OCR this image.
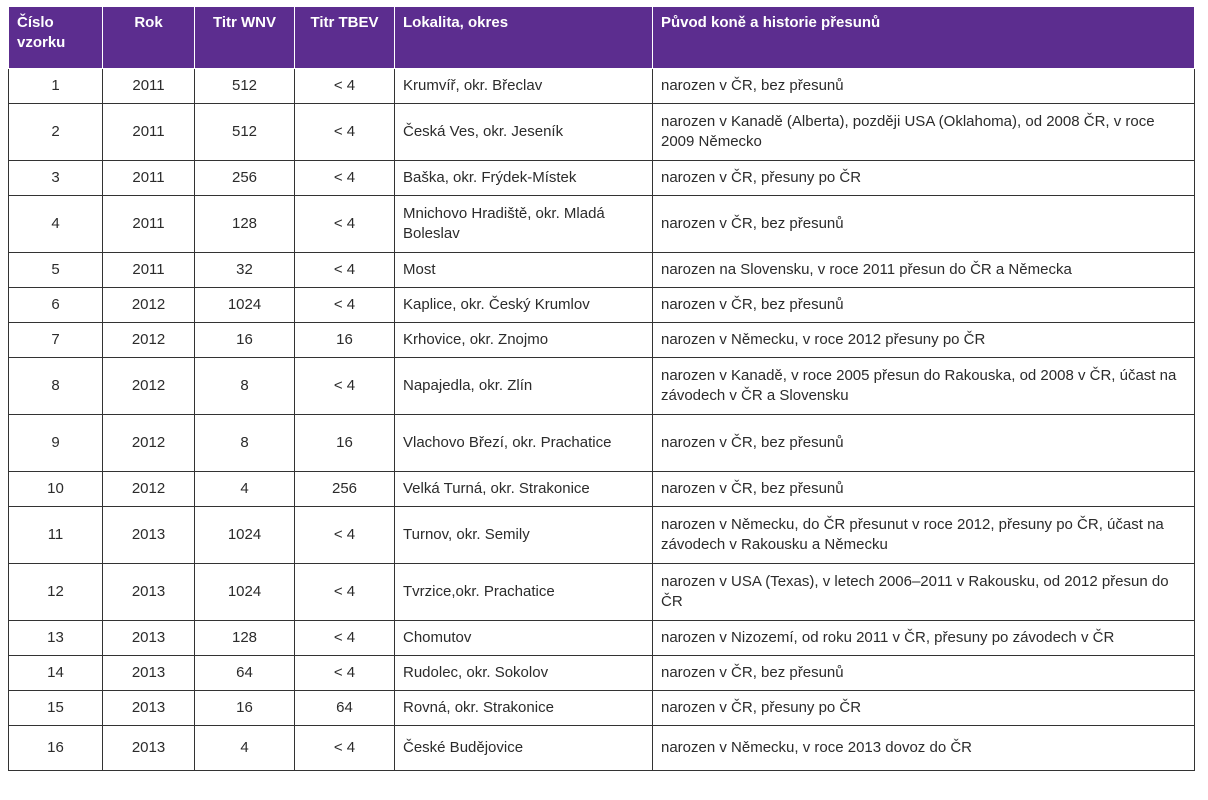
Číslo vzorku	Rok	Titr WNV	Titr TBEV	Lokalita, okres	Původ koně a historie přesunů
1	2011	512	< 4	Krumvíř, okr. Břeclav	narozen v ČR, bez přesunů
2	2011	512	< 4	Česká Ves, okr. Jeseník	narozen v Kanadě (Alberta), později USA (Oklahoma), od 2008 ČR, v roce 2009 Německo
3	2011	256	< 4	Baška, okr. Frýdek-Místek	narozen v ČR, přesuny po ČR
4	2011	128	< 4	Mnichovo Hradiště, okr. Mladá Boleslav	narozen v ČR, bez přesunů
5	2011	32	< 4	Most	narozen na Slovensku, v roce 2011 přesun do ČR a Německa
6	2012	1024	< 4	Kaplice, okr. Český Krumlov	narozen v ČR, bez přesunů
7	2012	16	16	Krhovice, okr. Znojmo	narozen v Německu, v roce 2012 přesuny po ČR
8	2012	8	< 4	Napajedla, okr. Zlín	narozen v Kanadě, v roce 2005 přesun do Rakouska, od 2008 v ČR, účast na závodech v ČR a Slovensku
9	2012	8	16	Vlachovo Březí, okr. Prachatice	narozen v ČR, bez přesunů
10	2012	4	256	Velká Turná, okr. Strakonice	narozen v ČR, bez přesunů
11	2013	1024	< 4	Turnov, okr. Semily	narozen v Německu, do ČR přesunut v roce 2012, přesuny po ČR, účast na závodech v Rakousku a Německu
12	2013	1024	< 4	Tvrzice,okr. Prachatice	narozen v USA (Texas), v letech 2006–2011 v Rakousku, od 2012 přesun do ČR
13	2013	128	< 4	Chomutov	narozen v Nizozemí, od roku 2011 v ČR, přesuny po závodech v ČR
14	2013	64	< 4	Rudolec, okr. Sokolov	narozen v ČR, bez přesunů
15	2013	16	64	Rovná, okr. Strakonice	narozen v ČR, přesuny po ČR
16	2013	4	< 4	České Budějovice	narozen v Německu, v roce 2013 dovoz do ČR
